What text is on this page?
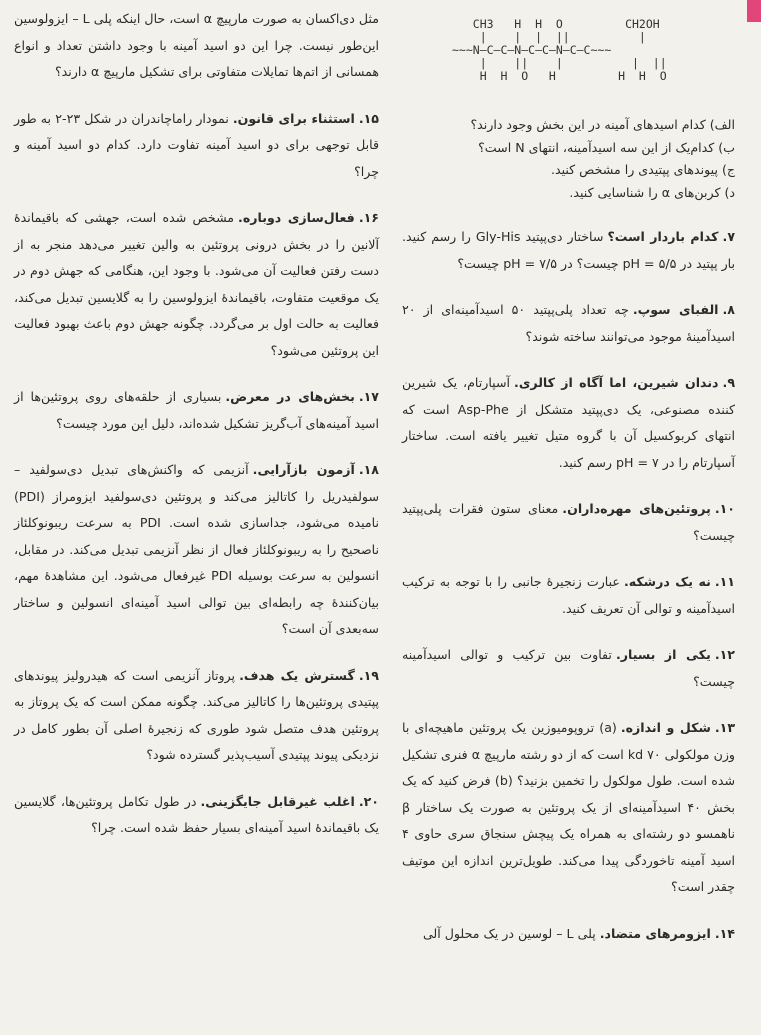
CH3   H  H  O         CH2OH
|    |  |  ||          |
~~~N—C—C—N—C—C—N—C—C~~~
|    ||    |          |  ||
H  H  O   H         H  H  O
الف) کدام اسیدهای آمینه در این بخش وجود دارند؟
ب) کدام‌یک از این سه اسیدآمینه، انتهای N است؟
ج) پیوندهای پپتیدی را مشخص کنید.
د) کربن‌های α را شناسایی کنید.

۷.کدام باردار است؟ساختار دی‌پپتید Gly-His را رسم کنید. بار پپتید در pH = ۵/۵ چیست؟ در pH = ۷/۵ چیست؟

۸.الفبای سوپ.چه تعداد پلی‌پپتید ۵۰ اسیدآمینه‌ای از ۲۰ اسیدآمینهٔ موجود می‌توانند ساخته شوند؟

۹.دندان شیرین، اما آگاه از کالری.آسپارتام، یک شیرین کننده مصنوعی، یک دی‌پپتید متشکل از Asp-Phe است که انتهای کربوکسیل آن با گروه متیل تغییر یافته است. ساختار آسپارتام را در pH = ۷ رسم کنید.

۱۰.پروتئین‌های مهره‌داران.معنای ستون فقرات پلی‌پپتید چیست؟

۱۱.نه یک درشکه.عبارت زنجیرهٔ جانبی را با توجه به ترکیب اسیدآمینه و توالی آن تعریف کنید.

۱۲.یکی از بسیار.تفاوت بین ترکیب و توالی اسیدآمینه چیست؟

۱۳.شکل و اندازه.(a) تروپومیوزین یک پروتئین ماهیچه‌ای با وزن مولکولی ۷۰ kd است که از دو رشته مارپیچ α فنری تشکیل شده است. طول مولکول را تخمین بزنید؟ (b) فرض کنید که یک بخش ۴۰ اسیدآمینه‌ای از یک پروتئین به صورت یک ساختار β ناهمسو دو رشته‌ای به همراه یک پیچش سنجاق سری حاوی ۴ اسید آمینه تاخوردگی پیدا می‌کند. طویل‌ترین اندازه این موتیف چقدر است؟

۱۴.ایزومرهای متضاد.پلی L – لوسین در یک محلول آلی

مثل دی‌اکسان به صورت مارپیچ α است، حال اینکه پلی L – ایزولوسین این‌طور نیست. چرا این دو اسید آمینه با وجود داشتن تعداد و انواع همسانی از اتم‌ها تمایلات متفاوتی برای تشکیل مارپیچ α دارند؟

۱۵.استثناء برای قانون.نمودار راماچاندران در شکل ۲۳-۲ به طور قابل توجهی برای دو اسید آمینه تفاوت دارد. کدام دو اسید آمینه و چرا؟

۱۶.فعال‌سازی دوباره.مشخص شده است، جهشی که باقیماندهٔ آلانین را در بخش درونی پروتئین به والین تغییر می‌دهد منجر به از دست رفتن فعالیت آن می‌شود. با وجود این، هنگامی که جهش دوم در یک موقعیت متفاوت، باقیماندهٔ ایزولوسین را به گلایسین تبدیل می‌کند، فعالیت به حالت اول بر می‌گردد. چگونه جهش دوم باعث بهبود فعالیت این پروتئین می‌شود؟

۱۷.بخش‌های در معرض.بسیاری از حلقه‌های روی پروتئین‌ها از اسید آمینه‌های آب‌گریز تشکیل شده‌اند، دلیل این مورد چیست؟

۱۸.آزمون بازآرایی.آنزیمی که واکنش‌های تبدیل دی‌سولفید – سولفیدریل را کاتالیز می‌کند و پروتئین دی‌سولفید ایزومراز (PDI) نامیده می‌شود، جداسازی شده است. PDI به سرعت ریبونوکلئاز ناصحیح را به ریبونوکلئاز فعال از نظر آنزیمی تبدیل می‌کند. در مقابل، انسولین به سرعت بوسیله PDI غیرفعال می‌شود. این مشاهدهٔ مهم، بیان‌کنندهٔ چه رابطه‌ای بین توالی اسید آمینه‌ای انسولین و ساختار سه‌بعدی آن است؟

۱۹.گسترش یک هدف.پروتاز آنزیمی است که هیدرولیز پیوندهای پپتیدی پروتئین‌ها را کاتالیز می‌کند. چگونه ممکن است که یک پروتاز به پروتئین هدف متصل شود طوری که زنجیرهٔ اصلی آن بطور کامل در نزدیکی پیوند پپتیدی آسیب‌پذیر گسترده شود؟

۲۰.اغلب غیرقابل جایگزینی.در طول تکامل پروتئین‌ها، گلایسین یک باقیماندهٔ اسید آمینه‌ای بسیار حفظ شده است. چرا؟
